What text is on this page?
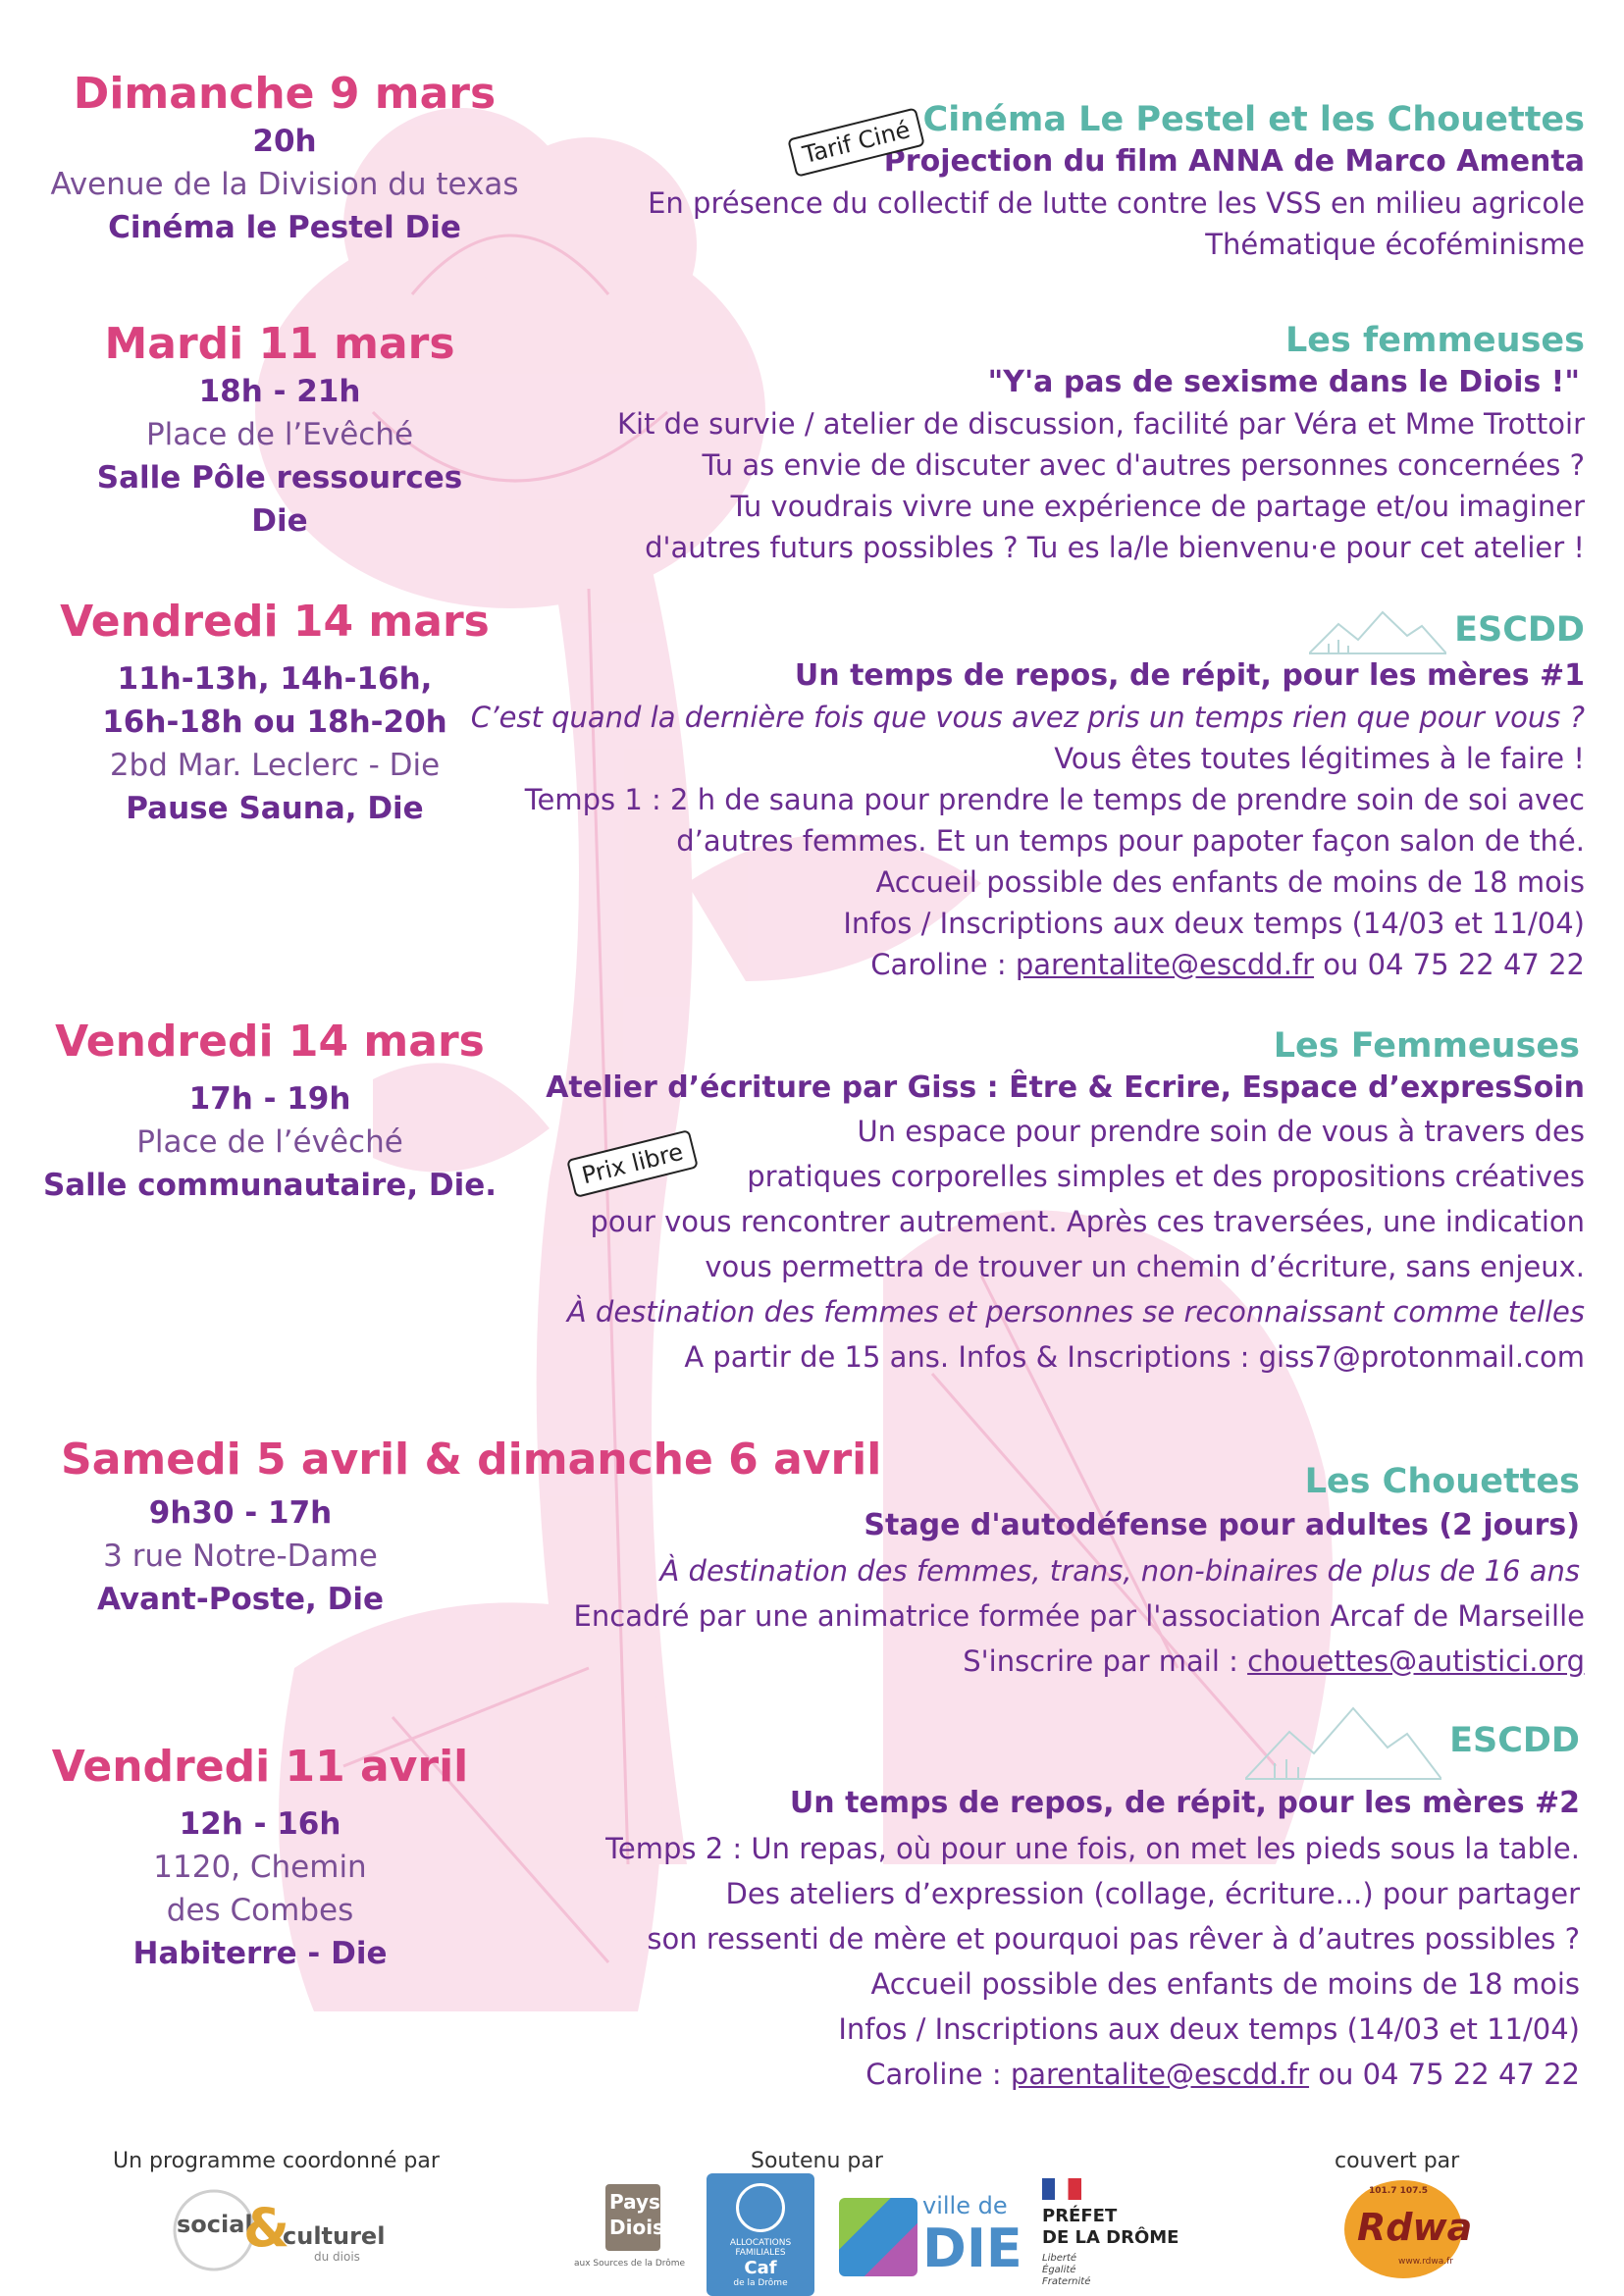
Dimanche 9 mars
20h
Avenue de la Division du texas
Cinéma le Pestel Die
Tarif Ciné Cinéma Le Pestel et les Chouettes
Projection du film ANNA de Marco Amenta
En présence du collectif de lutte contre les VSS en milieu agricole
Thématique écoféminisme
Mardi 11 mars
18h - 21h
Place de l’Evêché
Salle Pôle ressources
Die
Les femmeuses
"Y'a pas de sexisme dans le Diois !"
Kit de survie / atelier de discussion, facilité par Véra et Mme Trottoir
Tu as envie de discuter avec d'autres personnes concernées ?
Tu voudrais vivre une expérience de partage et/ou imaginer
d'autres futurs possibles ? Tu es la/le bienvenu·e pour cet atelier !
Vendredi 14 mars
11h-13h, 14h-16h,
16h-18h ou 18h-20h
2bd Mar. Leclerc - Die
Pause Sauna, Die
ESCDD
Un temps de repos, de répit, pour les mères #1
C’est quand la dernière fois que vous avez pris un temps rien que pour vous ?
Vous êtes toutes légitimes à le faire !
Temps 1 : 2 h de sauna pour prendre le temps de prendre soin de soi avec
d’autres femmes. Et un temps pour papoter façon salon de thé.
Accueil possible des enfants de moins de 18 mois
Infos / Inscriptions aux deux temps (14/03 et 11/04)
Caroline : parentalite@escdd.fr ou 04 75 22 47 22
Vendredi 14 mars
17h - 19h
Place de l’évêché
Salle communautaire, Die.	Prix libre
Les Femmeuses
Atelier d’écriture par Giss : Être & Ecrire, Espace d’expresSoin
Un espace pour prendre soin de vous à travers des
pratiques corporelles simples et des propositions créatives
pour vous rencontrer autrement. Après ces traversées, une indication
vous permettra de trouver un chemin d’écriture, sans enjeux.
À destination des femmes et personnes se reconnaissant comme telles
A partir de 15 ans. Infos & Inscriptions : giss7@protonmail.com
Samedi 5 avril & dimanche 6 avril
9h30 - 17h
3 rue Notre-Dame
Avant-Poste, Die
Les Chouettes
Stage d'autodéfense pour adultes (2 jours)
À destination des femmes, trans, non-binaires de plus de 16 ans
Encadré par une animatrice formée par l'association Arcaf de Marseille
S'inscrire par mail : chouettes@autistici.org
Vendredi 11 avril
12h - 16h
1120, Chemin
des Combes
Habiterre - Die
ESCDD
Un temps de repos, de répit, pour les mères #2
Temps 2 : Un repas, où pour une fois, on met les pieds sous la table.
Des ateliers d’expression (collage, écriture...) pour partager
son ressenti de mère et pourquoi pas rêver à d’autres possibles ?
Accueil possible des enfants de moins de 18 mois
Infos / Inscriptions aux deux temps (14/03 et 11/04)
Caroline : parentalite@escdd.fr ou 04 75 22 47 22
Un programme coordonné par	Soutenu par	couvert par
social
&
culturel
du diois
Pays
Diois
aux Sources de la Drôme
ALLOCATIONS
FAMILIALES
Caf
de la Drôme
ville de
DIE
PRÉFET
DE LA DRÔME
Liberté
Égalité
Fraternité
101.7 107.5
Rdwa
www.rdwa.fr
